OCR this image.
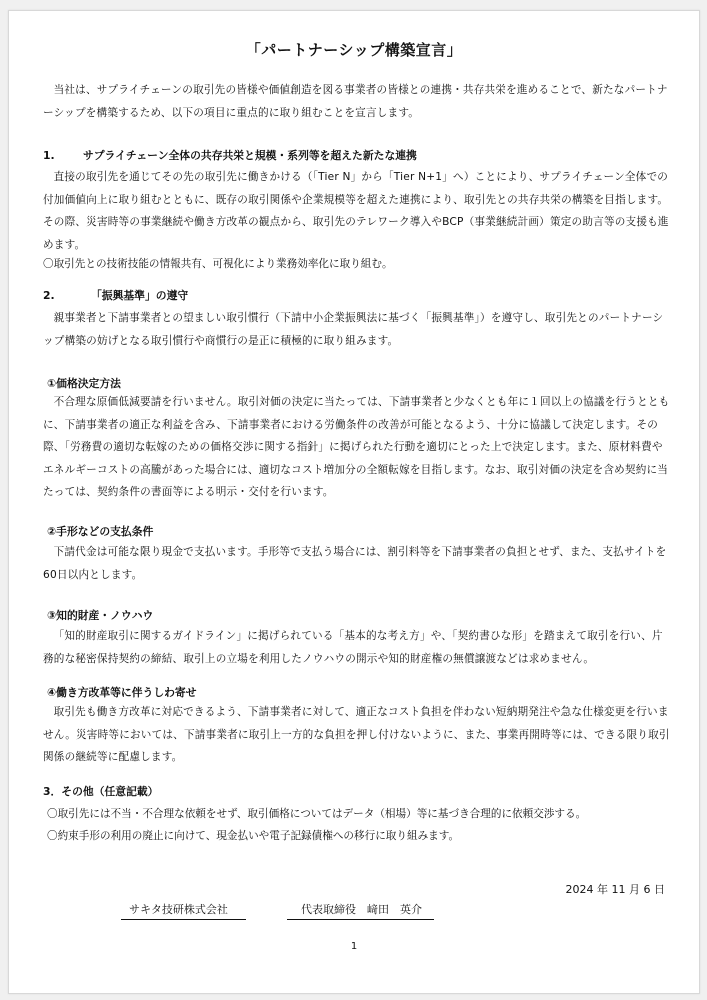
「パートナーシップ構築宣言」
当社は、サプライチェーンの取引先の皆様や価値創造を図る事業者の皆様との連携・共存共栄を進めることで、新たなパートナーシップを構築するため、以下の項目に重点的に取り組むことを宣言します。
1.	サプライチェーン全体の共存共栄と規模・系列等を超えた新たな連携
直接の取引先を通じてその先の取引先に働きかける（「Tier N」から「Tier N+1」へ）ことにより、サプライチェーン全体での付加価値向上に取り組むとともに、既存の取引関係や企業規模等を超えた連携により、取引先との共存共栄の構築を目指します。その際、災害時等の事業継続や働き方改革の観点から、取引先のテレワーク導入やBCP（事業継続計画）策定の助言等の支援も進めます。
〇取引先との技術技能の情報共有、可視化により業務効率化に取り組む。
2.	「振興基準」の遵守
親事業者と下請事業者との望ましい取引慣行（下請中小企業振興法に基づく「振興基準」）を遵守し、取引先とのパートナーシップ構築の妨げとなる取引慣行や商慣行の是正に積極的に取り組みます。
①価格決定方法
不合理な原価低減要請を行いません。取引対価の決定に当たっては、下請事業者と少なくとも年に１回以上の協議を行うとともに、下請事業者の適正な利益を含み、下請事業者における労働条件の改善が可能となるよう、十分に協議して決定します。その際、「労務費の適切な転嫁のための価格交渉に関する指針」に掲げられた行動を適切にとった上で決定します。また、原材料費やエネルギーコストの高騰があった場合には、適切なコスト増加分の全額転嫁を目指します。なお、取引対価の決定を含め契約に当たっては、契約条件の書面等による明示・交付を行います。
②手形などの支払条件
下請代金は可能な限り現金で支払います。手形等で支払う場合には、割引料等を下請事業者の負担とせず、また、支払サイトを60日以内とします。
③知的財産・ノウハウ
「知的財産取引に関するガイドライン」に掲げられている「基本的な考え方」や、「契約書ひな形」を踏まえて取引を行い、片務的な秘密保持契約の締結、取引上の立場を利用したノウハウの開示や知的財産権の無償譲渡などは求めません。
④働き方改革等に伴うしわ寄せ
取引先も働き方改革に対応できるよう、下請事業者に対して、適正なコスト負担を伴わない短納期発注や急な仕様変更を行いません。災害時等においては、下請事業者に取引上一方的な負担を押し付けないように、また、事業再開時等には、できる限り取引関係の継続等に配慮します。
3．その他（任意記載）
〇取引先には不当・不合理な依頼をせず、取引価格についてはデータ（相場）等に基づき合理的に依頼交渉する。
〇約束手形の利用の廃止に向けて、現金払いや電子記録債権への移行に取り組みます。
2024 年 11 月 6 日
サキタ技研株式会社	代表取締役　﨑田　英介
1
